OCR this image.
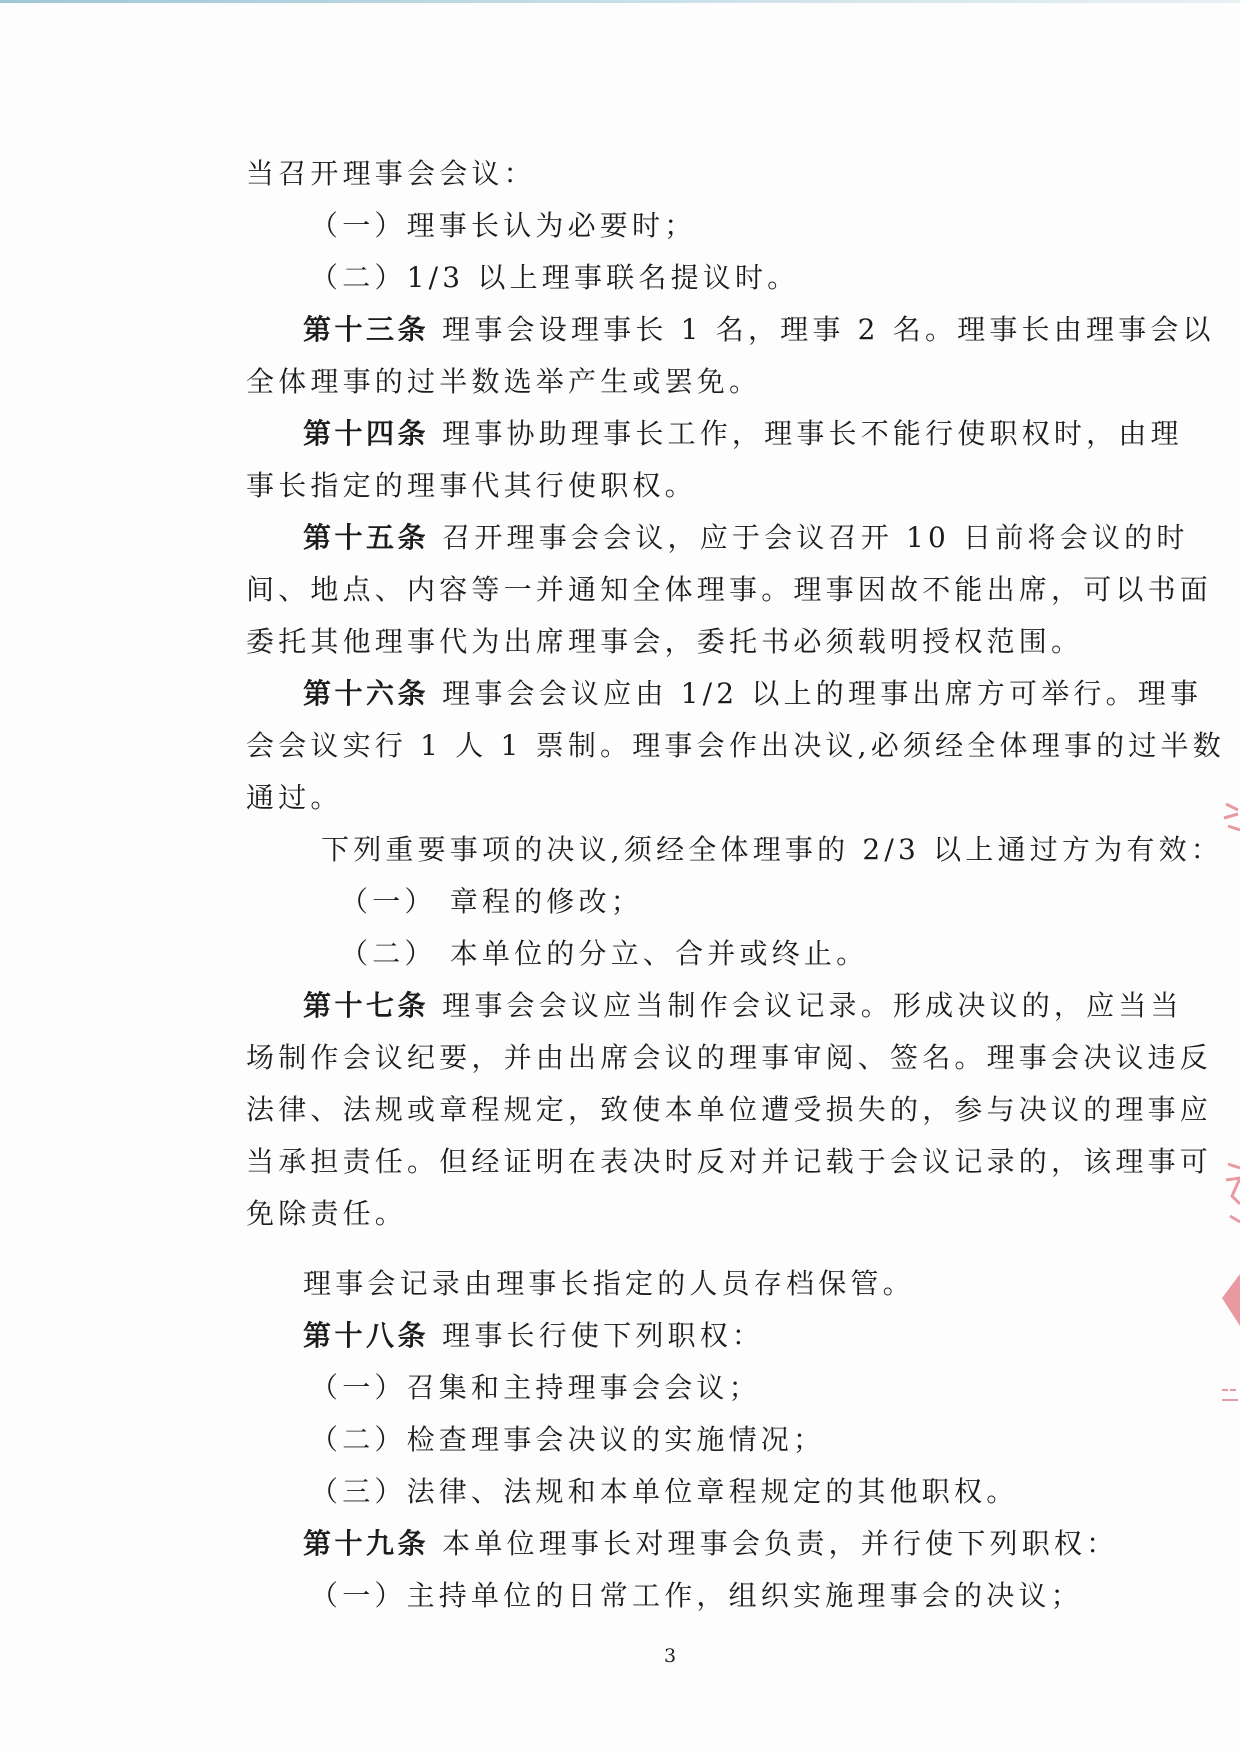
当召开理事会会议：
（一）理事长认为必要时；
（二）1/3 以上理事联名提议时。
第十三条 理事会设理事长 1 名，理事 2 名。理事长由理事会以
全体理事的过半数选举产生或罢免。
第十四条 理事协助理事长工作，理事长不能行使职权时，由理
事长指定的理事代其行使职权。
第十五条 召开理事会会议，应于会议召开 10 日前将会议的时
间、地点、内容等一并通知全体理事。理事因故不能出席，可以书面
委托其他理事代为出席理事会，委托书必须载明授权范围。
第十六条 理事会会议应由 1/2 以上的理事出席方可举行。理事
会会议实行 1 人 1 票制。理事会作出决议,必须经全体理事的过半数
通过。
下列重要事项的决议,须经全体理事的 2/3 以上通过方为有效：
（一） 章程的修改；
（二） 本单位的分立、合并或终止。
第十七条 理事会会议应当制作会议记录。形成决议的，应当当
场制作会议纪要，并由出席会议的理事审阅、签名。理事会决议违反
法律、法规或章程规定，致使本单位遭受损失的，参与决议的理事应
当承担责任。但经证明在表决时反对并记载于会议记录的，该理事可
免除责任。
理事会记录由理事长指定的人员存档保管。
第十八条 理事长行使下列职权：
（一）召集和主持理事会会议；
（二）检查理事会决议的实施情况；
（三）法律、法规和本单位章程规定的其他职权。
第十九条 本单位理事长对理事会负责，并行使下列职权：
（一）主持单位的日常工作，组织实施理事会的决议；
3
